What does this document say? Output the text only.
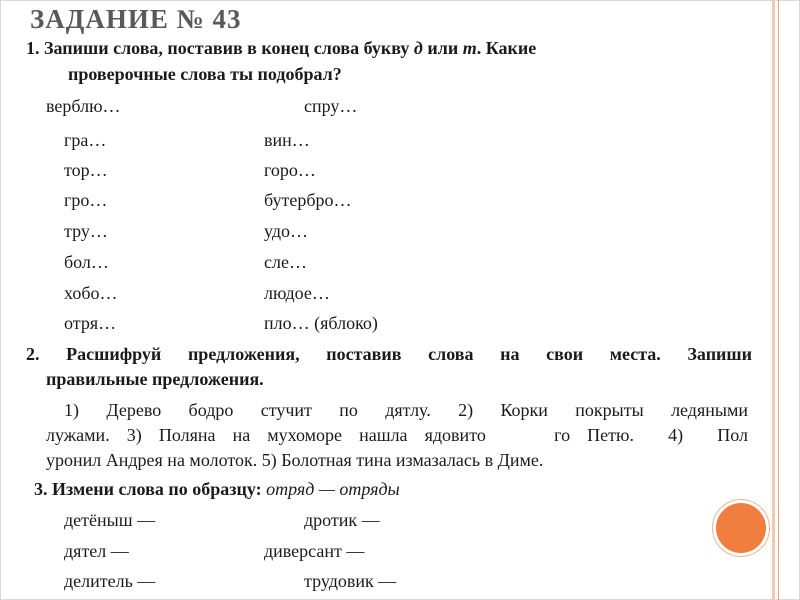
ЗАДАНИЕ № 43
1. Запиши слова, поставив в конец слова букву д или т. Какие
проверочные слова ты подобрал?
верблю…
гра…
тор…
гро…
тру…
бол…
хобо…
отря…
спру…
вин…
горо…
бутербро…
удо…
сле…
людое…
пло… (яблоко)
2. Расшифруй предложения, поставив слова на свои места. Запиши
правильные предложения.
1) Дерево бодро стучит по дятлу. 2) Корки покрыты ледяными
лужами. 3) Поляна на мухоморе нашла ядовито    го Петю.  4)  Пол
уронил Андрея на молоток. 5) Болотная тина измазалась в Диме.
3. Измени слова по образцу: отряд — отряды
детёныш —
дятел —
делитель —
дротик —
диверсант —
трудовик —
